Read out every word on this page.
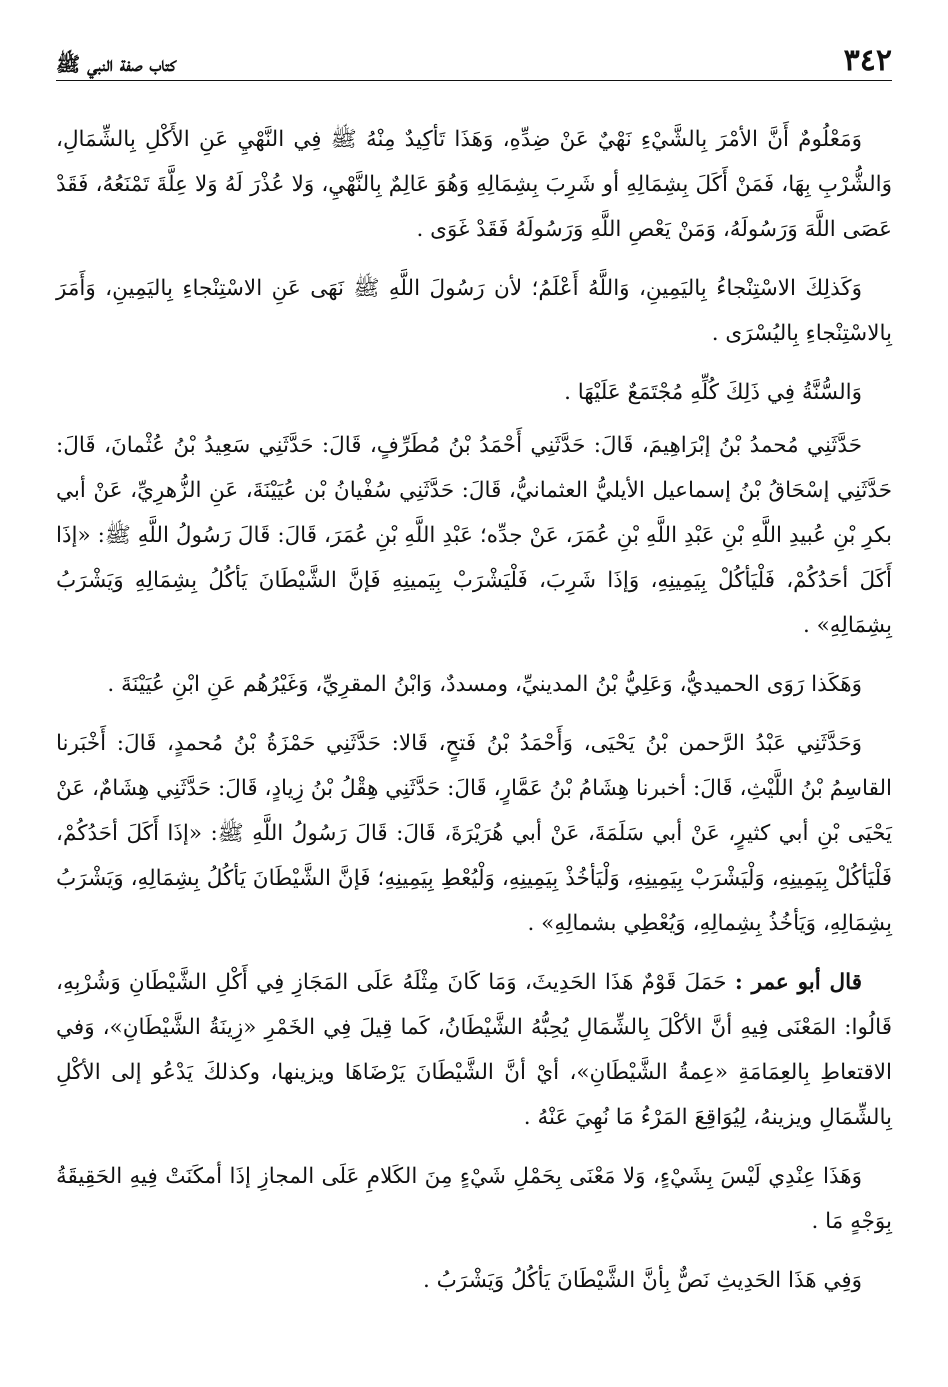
٣٤٢
كتاب صفة النبي ﷺ

وَمَعْلُومٌ أَنَّ الأمْرَ بِالشَّيْءِ نَهْيٌ عَنْ ضِدِّهِ، وَهَذَا تَأكِيدٌ مِنْهُ ﷺ فِي النَّهْيِ عَنِ الأَكْلِ بِالشِّمَالِ، وَالشُّرْبِ بِهَا، فَمَنْ أَكَلَ بِشِمَالِهِ أو شَرِبَ بِشِمَالِهِ وَهُوَ عَالِمٌ بِالنَّهْيِ، وَلا عُذْرَ لَهُ وَلا عِلَّةَ تَمْنَعُهُ، فَقَدْ عَصَى اللَّهَ وَرَسُولَهُ، وَمَنْ يَعْصِ اللَّهِ وَرَسُولَهُ فَقَدْ غَوَى .

وَكَذلِكَ الاسْتِنْجاءُ بِاليَمِينِ، وَاللَّهُ أَعْلَمُ؛ لأن رَسُولَ اللَّهِ ﷺ نَهَى عَنِ الاسْتِنْجاءِ بِاليَمِينِ، وَأَمَرَ بِالاسْتِنْجاءِ بِاليُسْرَى .

وَالسُّنَّةُ فِي ذَلِكَ كُلِّهِ مُجْتَمَعٌ عَلَيْهَا .

حَدَّثَنِي مُحمدُ بْنُ إبْرَاهِيمَ، قَالَ: حَدَّثَنِي أَحْمَدُ بْنُ مُطَرِّفٍ، قَالَ: حَدَّثَنِي سَعِيدُ بْنُ عُثْمانَ، قَالَ: حَدَّثَنِي إسْحَاقُ بْنُ إسماعيل الأيليُّ العثمانيُّ، قَالَ: حَدَّثَنِي سُفْيانُ بْن عُيَيْنَةَ، عَنِ الزُّهرِيِّ، عَنْ أبي بكرِ بْنِ عُبيدِ اللَّهِ بْنِ عَبْدِ اللَّهِ بْنِ عُمَرَ، عَنْ جدِّه؛ عَبْدِ اللَّهِ بْنِ عُمَرَ، قَالَ: قَالَ رَسُولُ اللَّهِ ﷺ: «إذَا أَكَلَ أحَدُكُمْ، فَلْيَأكُلْ بِيَمِينِهِ، وَإذَا شَرِبَ، فَلْيَشْرَبْ بِيَمينِهِ فَإنَّ الشَّيْطَانَ يَأكُلُ بِشِمَالِهِ وَيَشْرَبُ بِشِمَالِهِ» .

وَهَكَذا رَوَى الحميديُّ، وَعَلِيُّ بْنُ المدينيِّ، ومسددٌ، وَابْنُ المقرِيِّ، وَغَيْرُهُم عَنِ ابْنِ عُيَيْنَةَ .

وَحَدَّثَنِي عَبْدُ الرَّحمن بْنُ يَحْيَى، وَأَحْمَدُ بْنُ فَتحٍ، قَالا: حَدَّثَنِي حَمْزَةُ بْنُ مُحمدٍ، قَالَ: أَخْبَرنا القاسِمُ بْنُ اللَّيْثِ، قَالَ: أخبرنا هِشَامُ بْنُ عَمَّارٍ، قَالَ: حَدَّثَنِي هِقْلُ بْنُ زِيادٍ، قَالَ: حَدَّثَنِي هِشَامٌ، عَنْ يَحْيَى بْنِ أبي كثيرٍ، عَنْ أبي سَلَمَةَ، عَنْ أبي هُرَيْرَةَ، قَالَ: قَالَ رَسُولُ اللَّهِ ﷺ: «إذَا أَكَلَ أحَدُكُمْ، فَلْيَأكُلْ بِيَمِينِهِ، وَلْيَشْرَبْ بِيَمِينِهِ، وَلْيَأخُذْ بِيَمِينِهِ، وَلْيُعْطِ بِيَمِينِهِ؛ فَإنَّ الشَّيْطَانَ يَأكُلُ بِشِمَالِهِ، وَيَشْرَبُ بِشِمَالِهِ، وَيَأخُذُ بِشِمالِهِ، وَيُعْطِي بشمالِهِ» .

قال أبو عمر : حَمَلَ قَوْمٌ هَذَا الحَدِيثَ، وَمَا كَانَ مِثْلَهُ عَلَى المَجَازِ فِي أَكْلِ الشَّيْطَانِ وَشُرْبِهِ، قَالُوا: المَعْنَى فِيهِ أنَّ الأكْلَ بِالشِّمَالِ يُحِبُّهُ الشَّيْطَانُ، كَما قِيلَ فِي الخَمْرِ «زِينَةُ الشَّيْطَانِ»، وَفي الاقتعاطِ بِالعِمَامَةِ «عِمةُ الشَّيْطَانِ»، أيْ أنَّ الشَّيْطَانَ يَرْضَاهَا ويزينها، وكذلكَ يَدْعُو إلى الأكْلِ بِالشِّمَالِ ويزينهُ، لِيُوَاقِعَ المَرْءُ مَا نُهِيَ عَنْهُ .

وَهَذَا عِنْدِي لَيْسَ بِشَيْءٍ، وَلا مَعْنَى بِحَمْلِ شَيْءٍ مِنَ الكَلامِ عَلَى المجازِ إذَا أمكَنَتْ فِيهِ الحَقِيقَةُ بِوَجْهٍ مَا .

وَفِي هَذَا الحَدِيثِ نَصٌّ بِأنَّ الشَّيْطَانَ يَأكُلُ وَيَشْرَبُ .
